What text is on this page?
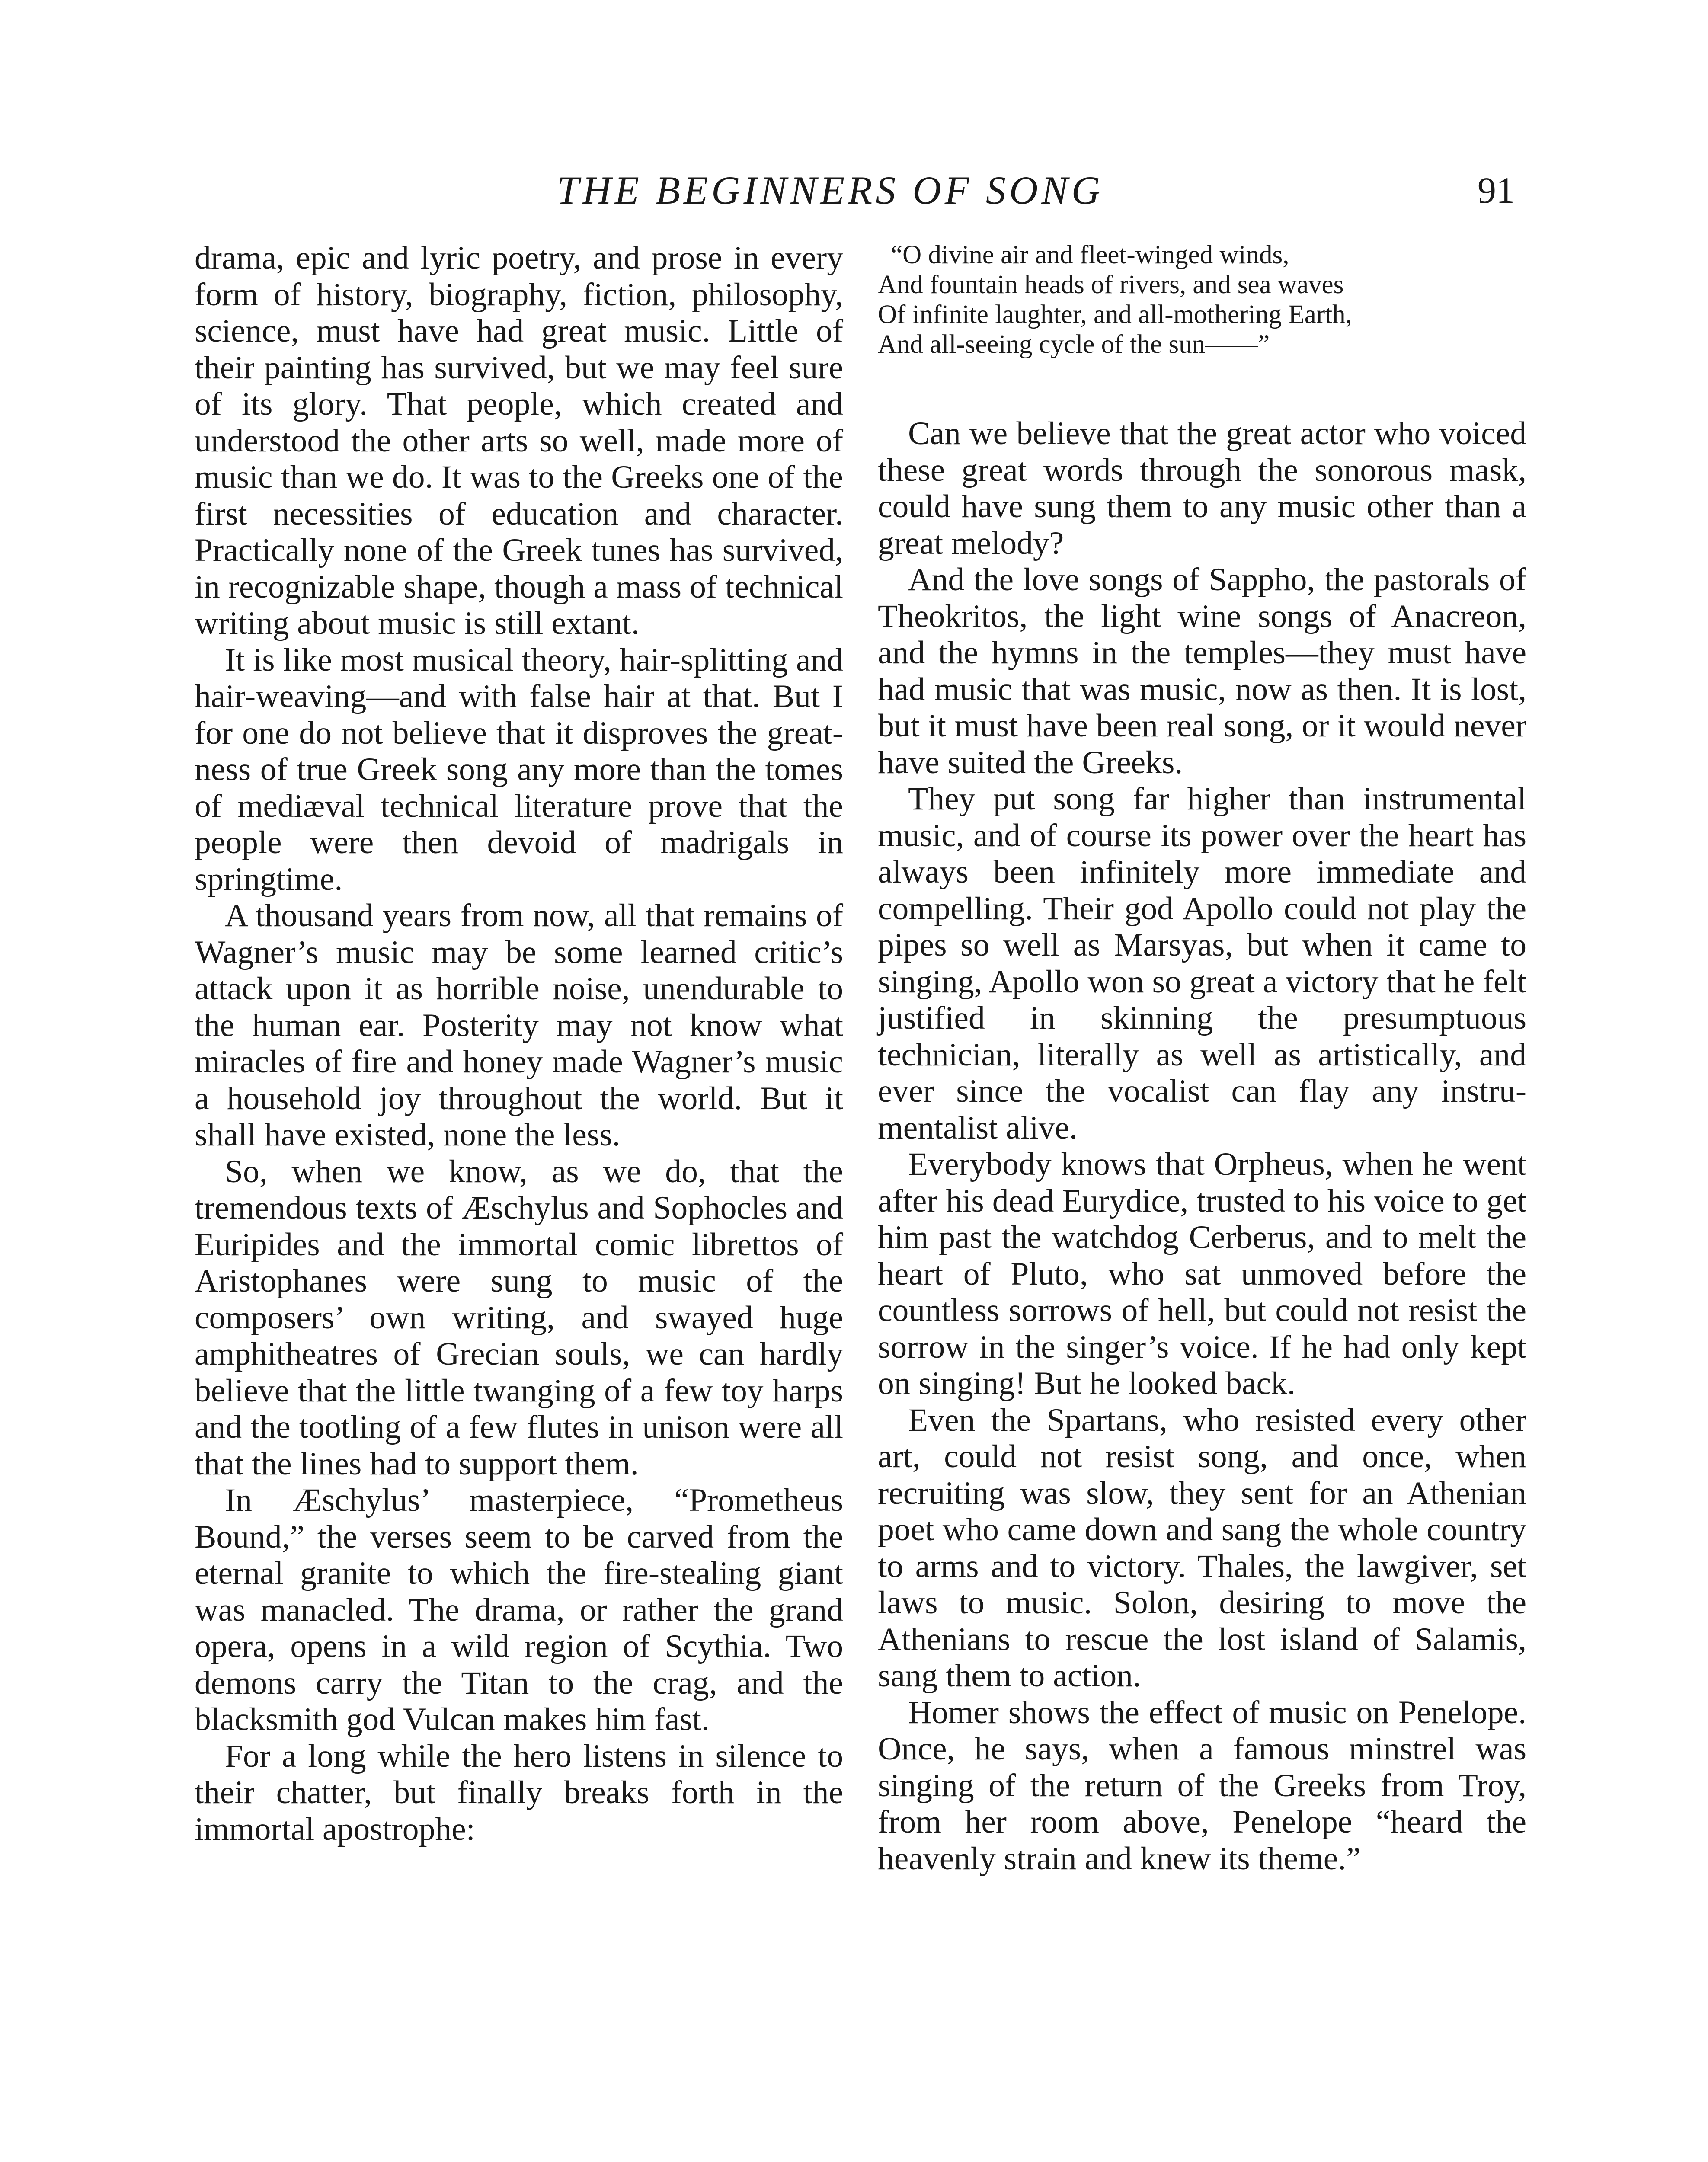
THE BEGINNERS OF SONG	91

drama, epic and lyric poetry, and prose in every form of history, biography, fiction, philosophy, science, must have had great music. Little of their painting has survived, but we may feel sure of its glory. That people, which created and understood the other arts so well, made more of music than we do. It was to the Greeks one of the first necessities of education and character. Practically none of the Greek tunes has survived, in recognizable shape, though a mass of technical writing about music is still extant.

It is like most musical theory, hair-splitting and hair-weaving—and with false hair at that. But I for one do not believe that it disproves the greatness of true Greek song any more than the tomes of mediæval technical literature prove that the people were then devoid of madrigals in springtime.

A thousand years from now, all that remains of Wagner’s music may be some learned critic’s attack upon it as horrible noise, unendurable to the human ear. Posterity may not know what miracles of fire and honey made Wagner’s music a household joy throughout the world. But it shall have existed, none the less.

So, when we know, as we do, that the tremendous texts of Æschylus and Sophocles and Euripides and the immortal comic librettos of Aristophanes were sung to music of the composers’ own writing, and swayed huge amphitheatres of Grecian souls, we can hardly believe that the little twanging of a few toy harps and the tootling of a few flutes in unison were all that the lines had to support them.

In Æschylus’ masterpiece, “Prometheus Bound,” the verses seem to be carved from the eternal granite to which the fire-stealing giant was manacled. The drama, or rather the grand opera, opens in a wild region of Scythia. Two demons carry the Titan to the crag, and the blacksmith god Vulcan makes him fast.

For a long while the hero listens in silence to their chatter, but finally breaks forth in the immortal apostrophe:

“O divine air and fleet-winged winds,
And fountain heads of rivers, and sea waves
Of infinite laughter, and all-mothering Earth,
And all-seeing cycle of the sun——”

Can we believe that the great actor who voiced these great words through the sonorous mask, could have sung them to any music other than a great melody?

And the love songs of Sappho, the pastorals of Theokritos, the light wine songs of Anacreon, and the hymns in the temples—they must have had music that was music, now as then. It is lost, but it must have been real song, or it would never have suited the Greeks.

They put song far higher than instrumental music, and of course its power over the heart has always been infinitely more immediate and compelling. Their god Apollo could not play the pipes so well as Marsyas, but when it came to singing, Apollo won so great a victory that he felt justified in skinning the presumptuous technician, literally as well as artistically, and ever since the vocalist can flay any instrumentalist alive.

Everybody knows that Orpheus, when he went after his dead Eurydice, trusted to his voice to get him past the watchdog Cerberus, and to melt the heart of Pluto, who sat unmoved before the countless sorrows of hell, but could not resist the sorrow in the singer’s voice. If he had only kept on singing! But he looked back.

Even the Spartans, who resisted every other art, could not resist song, and once, when recruiting was slow, they sent for an Athenian poet who came down and sang the whole country to arms and to victory. Thales, the lawgiver, set laws to music. Solon, desiring to move the Athenians to rescue the lost island of Salamis, sang them to action.

Homer shows the effect of music on Penelope. Once, he says, when a famous minstrel was singing of the return of the Greeks from Troy, from her room above, Penelope “heard the heavenly strain and knew its theme.”
